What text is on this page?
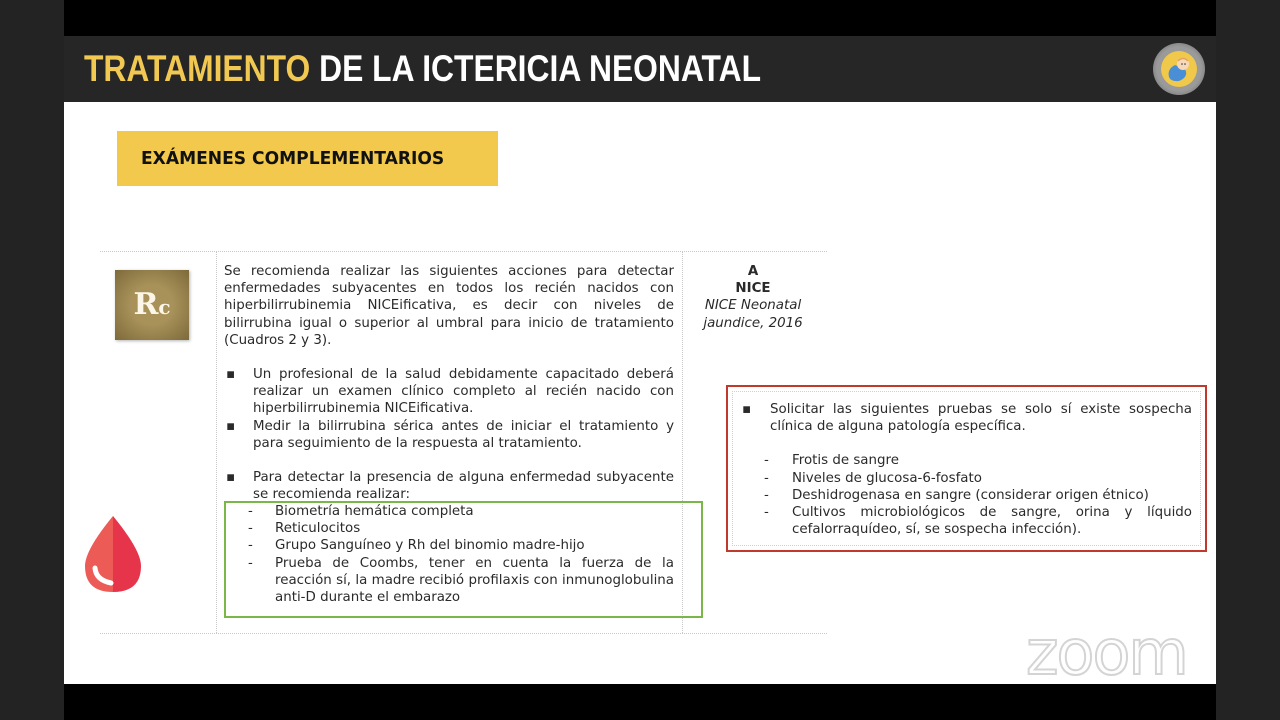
TRATAMIENTO DE LA ICTERICIA NEONATAL
EXÁMENES COMPLEMENTARIOS
Rc
Se recomienda realizar las siguientes acciones para detectar enfermedades subyacentes en todos los recién nacidos con hiperbilirrubinemia NICEificativa, es decir con niveles de bilirrubina igual o superior al umbral para inicio de tratamiento (Cuadros 2 y 3).
▪ Un profesional de la salud debidamente capacitado deberá realizar un examen clínico completo al recién nacido con hiperbilirrubinemia NICEificativa.
▪ Medir la bilirrubina sérica antes de iniciar el tratamiento y para seguimiento de la respuesta al tratamiento.
▪ Para detectar la presencia de alguna enfermedad subyacente se recomienda realizar:
- Biometría hemática completa
- Reticulocitos
- Grupo Sanguíneo y Rh del binomio madre-hijo
- Prueba de Coombs, tener en cuenta la fuerza de la reacción sí, la madre recibió profilaxis con inmunoglobulina anti-D durante el embarazo
A
NICE
NICE Neonatal
jaundice, 2016
▪ Solicitar las siguientes pruebas se solo sí existe sospecha clínica de alguna patología específica.
- Frotis de sangre
- Niveles de glucosa-6-fosfato
- Deshidrogenasa en sangre (considerar origen étnico)
- Cultivos microbiológicos de sangre, orina y líquido cefalorraquídeo, sí, se sospecha infección).
zoom
